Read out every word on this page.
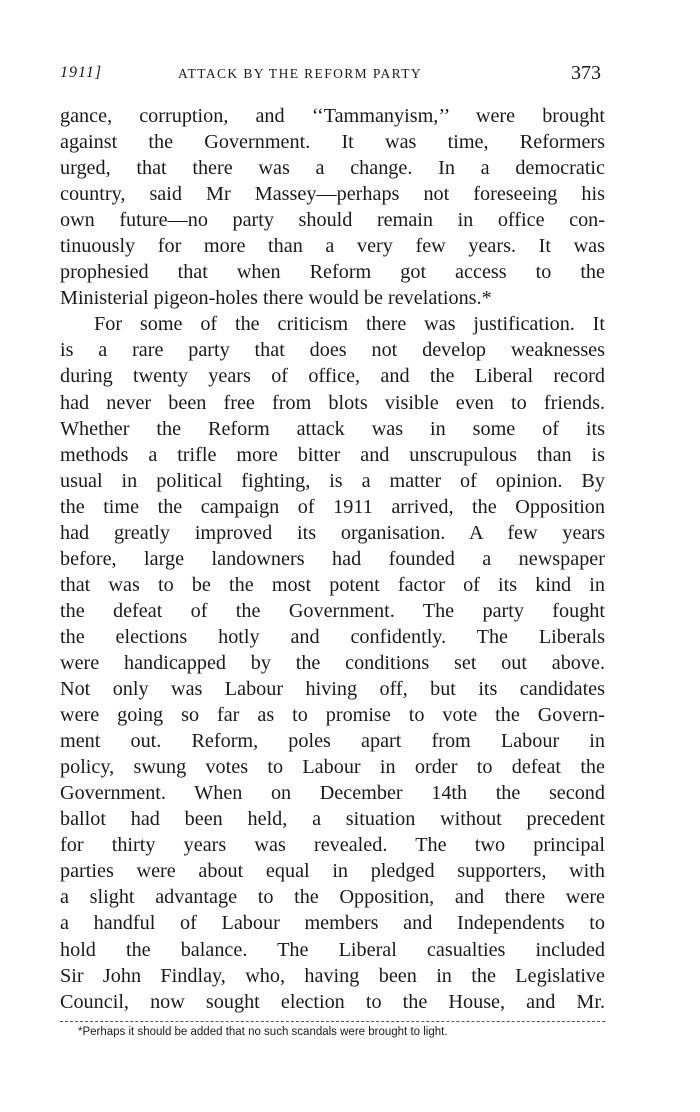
1911]	ATTACK BY THE REFORM PARTY	373
gance, corruption, and ‘‘Tammanyism,’’ were brought
against the Government. It was time, Reformers
urged, that there was a change. In a democratic
country, said Mr Massey—perhaps not foreseeing his
own future—no party should remain in office con-
tinuously for more than a very few years. It was
prophesied that when Reform got access to the
Ministerial pigeon-holes there would be revelations.*
For some of the criticism there was justification. It
is a rare party that does not develop weaknesses
during twenty years of office, and the Liberal record
had never been free from blots visible even to friends.
Whether the Reform attack was in some of its
methods a trifle more bitter and unscrupulous than is
usual in political fighting, is a matter of opinion. By
the time the campaign of 1911 arrived, the Opposition
had greatly improved its organisation. A few years
before, large landowners had founded a newspaper
that was to be the most potent factor of its kind in
the defeat of the Government. The party fought
the elections hotly and confidently. The Liberals
were handicapped by the conditions set out above.
Not only was Labour hiving off, but its candidates
were going so far as to promise to vote the Govern-
ment out. Reform, poles apart from Labour in
policy, swung votes to Labour in order to defeat the
Government. When on December 14th the second
ballot had been held, a situation without precedent
for thirty years was revealed. The two principal
parties were about equal in pledged supporters, with
a slight advantage to the Opposition, and there were
a handful of Labour members and Independents to
hold the balance. The Liberal casualties included
Sir John Findlay, who, having been in the Legislative
Council, now sought election to the House, and Mr.
*Perhaps it should be added that no such scandals were brought to light.
